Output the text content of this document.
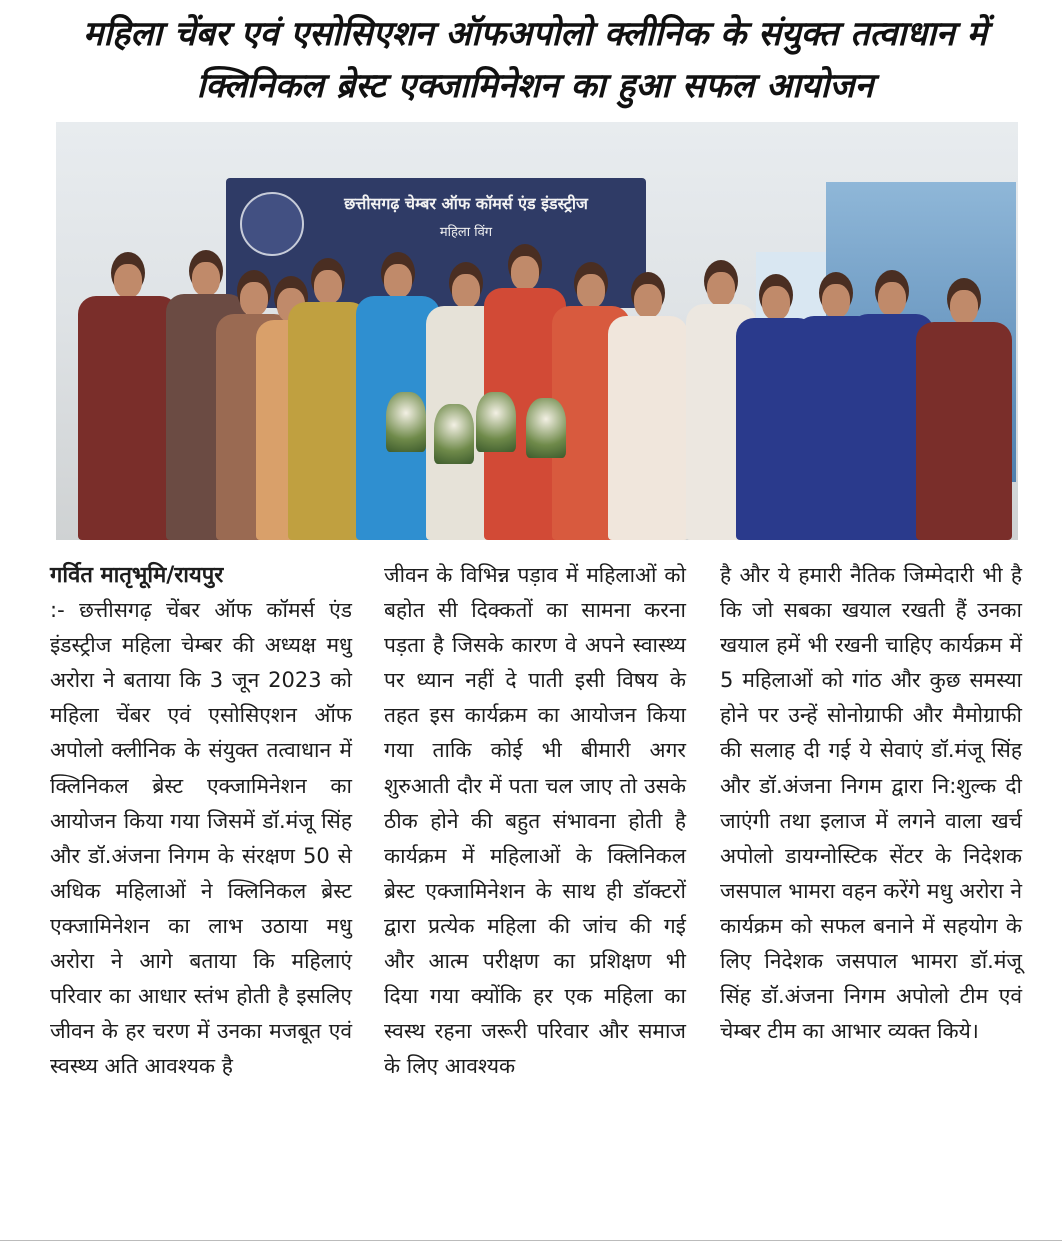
महिला चेंबर एवं एसोसिएशन ऑफअपोलो क्लीनिक के संयुक्त तत्वाधान में
क्लिनिकल ब्रेस्ट एक्जामिनेशन का हुआ सफल आयोजन
छत्तीसगढ़ चेम्बर ऑफ कॉमर्स एंड इंडस्ट्रीज
महिला विंग

गर्वित मातृभूमि/रायपुर

:- छत्तीसगढ़ चेंबर ऑफ कॉमर्स एंड इंडस्ट्रीज महिला चेम्बर की अध्यक्ष मधु अरोरा ने बताया कि 3 जून 2023 को महिला चेंबर एवं एसोसिएशन ऑफ अपोलो क्लीनिक के संयुक्त तत्वाधान में क्लिनिकल ब्रेस्ट एक्जामिनेशन का आयोजन किया गया जिसमें डॉ.मंजू सिंह और डॉ.अंजना निगम के संरक्षण 50 से अधिक महिलाओं ने क्लिनिकल ब्रेस्ट एक्जामिनेशन का लाभ उठाया मधु अरोरा ने आगे बताया कि महिलाएं परिवार का आधार स्तंभ होती है इसलिए जीवन के हर चरण में उनका मजबूत एवं स्वस्थ्य अति आवश्यक है

जीवन के विभिन्न पड़ाव में महिलाओं को बहोत सी दिक्कतों का सामना करना पड़ता है जिसके कारण वे अपने स्वास्थ्य पर ध्यान नहीं दे पाती इसी विषय के तहत इस कार्यक्रम का आयोजन किया गया ताकि कोई भी बीमारी अगर शुरुआती दौर में पता चल जाए तो उसके ठीक होने की बहुत संभावना होती है कार्यक्रम में महिलाओं के क्लिनिकल ब्रेस्ट एक्जामिनेशन के साथ ही डॉक्टरों द्वारा प्रत्येक महिला की जांच की गई और आत्म परीक्षण का प्रशिक्षण भी दिया गया क्योंकि हर एक महिला का स्वस्थ रहना जरूरी परिवार और समाज के लिए आवश्यक

है और ये हमारी नैतिक जिम्मेदारी भी है कि जो सबका खयाल रखती हैं उनका खयाल हमें भी रखनी चाहिए कार्यक्रम में 5 महिलाओं को गांठ और कुछ समस्या होने पर उन्हें सोनोग्राफी और मैमोग्राफी की सलाह दी गई ये सेवाएं डॉ.मंजू सिंह और डॉ.अंजना निगम द्वारा नि:शुल्क दी जाएंगी तथा इलाज में लगने वाला खर्च अपोलो डायग्नोस्टिक सेंटर के निदेशक जसपाल भामरा वहन करेंगे मधु अरोरा ने कार्यक्रम को सफल बनाने में सहयोग के लिए निदेशक जसपाल भामरा डॉ.मंजू सिंह डॉ.अंजना निगम अपोलो टीम एवं चेम्बर टीम का आभार व्यक्त किये।
